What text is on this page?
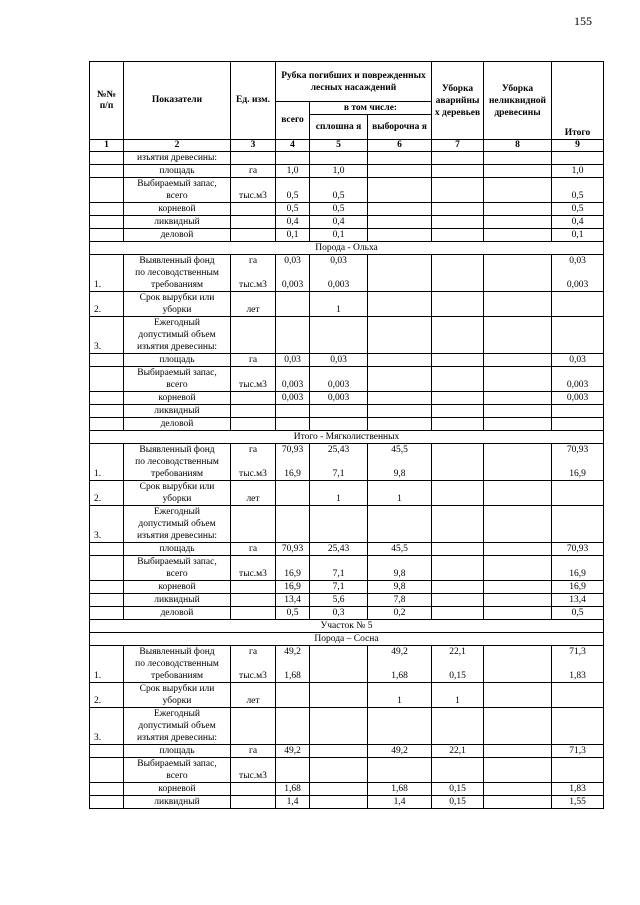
155
№№ п/п	Показатели	Ед. изм.	Рубка погибших и поврежденных лесных насаждений			Уборка аварийны х деревьев	Уборка неликвидной древесины	Итого
			всего	в том числе:				
				сплошна я	выборочна я			
1	2	3	4	5	6	7	8	9
	изъятия древесины:							
	площадь	га	1,0	1,0				1,0
	Выбираемый запас,							
	всего	тыс.м3	0,5	0,5				0,5
	корневой		0,5	0,5				0,5
	ликвидный		0,4	0,4				0,4
	деловой		0,1	0,1				0,1
Порода - Ольха								
	Выявленный фонд	га	0,03	0,03				0,03
	по лесоводственным							
1.	требованиям	тыс.м3	0,003	0,003				0,003
	Срок вырубки или							
2.	уборки	лет		1				
	Ежегодный							
	допустимый объем							
3.	изъятия древесины:							
	площадь	га	0,03	0,03				0,03
	Выбираемый запас,							
	всего	тыс.м3	0,003	0,003				0,003
	корневой		0,003	0,003				0,003
	ликвидный							
	деловой							
Итого - Мягколиственных								
	Выявленный фонд	га	70,93	25,43	45,5			70,93
	по лесоводственным							
1.	требованиям	тыс.м3	16,9	7,1	9,8			16,9
	Срок вырубки или							
2.	уборки	лет		1	1			
	Ежегодный							
	допустимый объем							
3.	изъятия древесины:							
	площадь	га	70,93	25,43	45,5			70,93
	Выбираемый запас,							
	всего	тыс.м3	16,9	7,1	9,8			16,9
	корневой		16,9	7,1	9,8			16,9
	ликвидный		13,4	5,6	7,8			13,4
	деловой		0,5	0,3	0,2			0,5
Участок № 5								
Порода – Сосна								
	Выявленный фонд	га	49,2		49,2	22,1		71,3
	по лесоводственным							
1.	требованиям	тыс.м3	1,68		1,68	0,15		1,83
	Срок вырубки или							
2.	уборки	лет			1	1		
	Ежегодный							
	допустимый объем							
3.	изъятия древесины:							
	площадь	га	49,2		49,2	22,1		71,3
	Выбираемый запас,							
	всего	тыс.м3						
	корневой		1,68		1,68	0,15		1,83
	ликвидный		1,4		1,4	0,15		1,55
